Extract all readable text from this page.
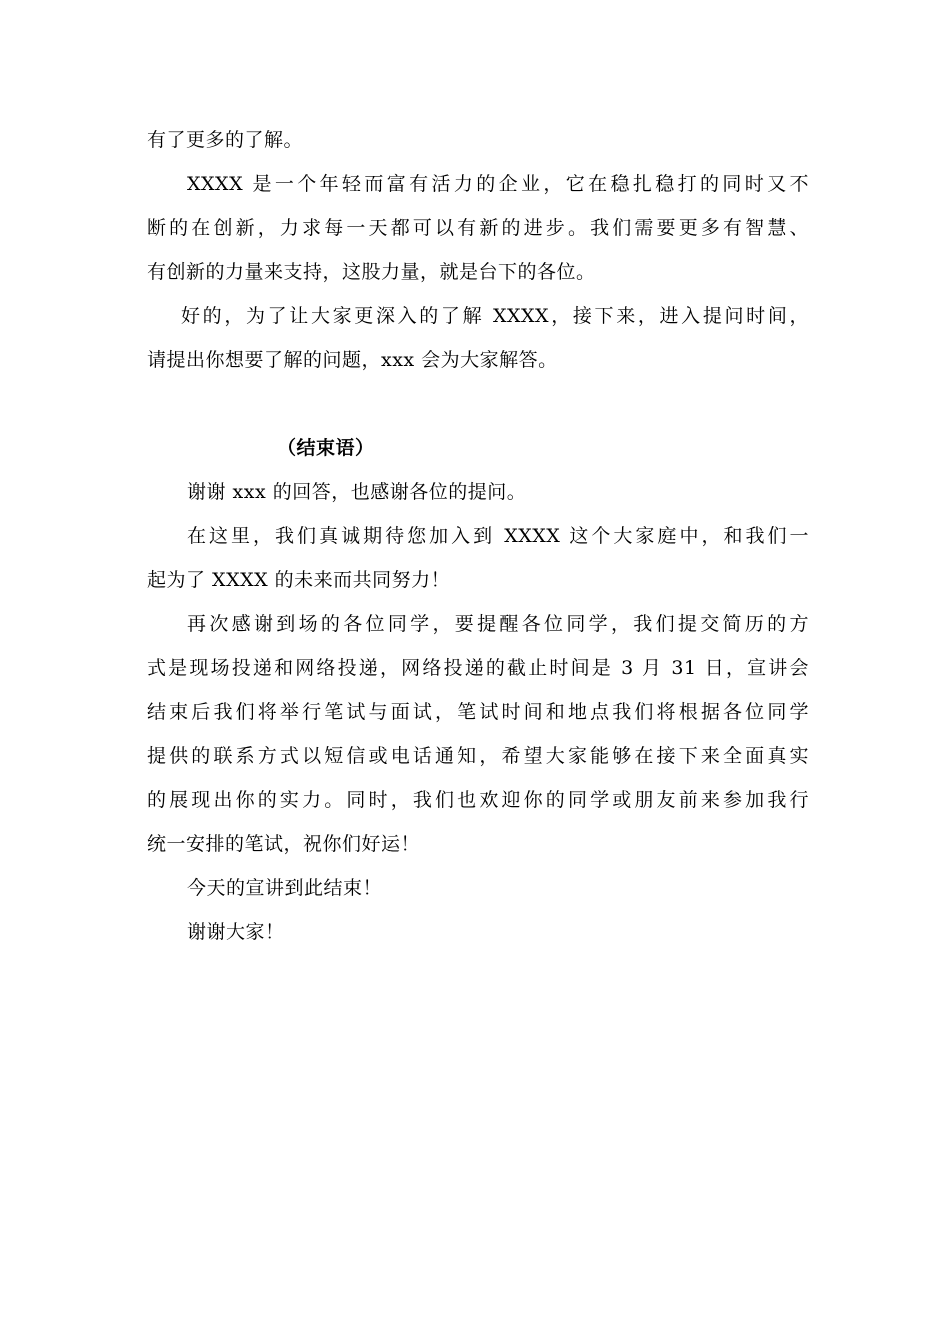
有了更多的了解。
XXXX 是一个年轻而富有活力的企业，它在稳扎稳打的同时又不
断的在创新，力求每一天都可以有新的进步。我们需要更多有智慧、
有创新的力量来支持，这股力量，就是台下的各位。
好的，为了让大家更深入的了解 XXXX，接下来，进入提问时间，
请提出你想要了解的问题，xxx 会为大家解答。
（结束语）
谢谢 xxx 的回答，也感谢各位的提问。
在这里，我们真诚期待您加入到 XXXX 这个大家庭中，和我们一
起为了 XXXX 的未来而共同努力！
再次感谢到场的各位同学，要提醒各位同学，我们提交简历的方
式是现场投递和网络投递，网络投递的截止时间是 3 月 31 日，宣讲会
结束后我们将举行笔试与面试，笔试时间和地点我们将根据各位同学
提供的联系方式以短信或电话通知，希望大家能够在接下来全面真实
的展现出你的实力。同时，我们也欢迎你的同学或朋友前来参加我行
统一安排的笔试，祝你们好运！
今天的宣讲到此结束！
谢谢大家！
